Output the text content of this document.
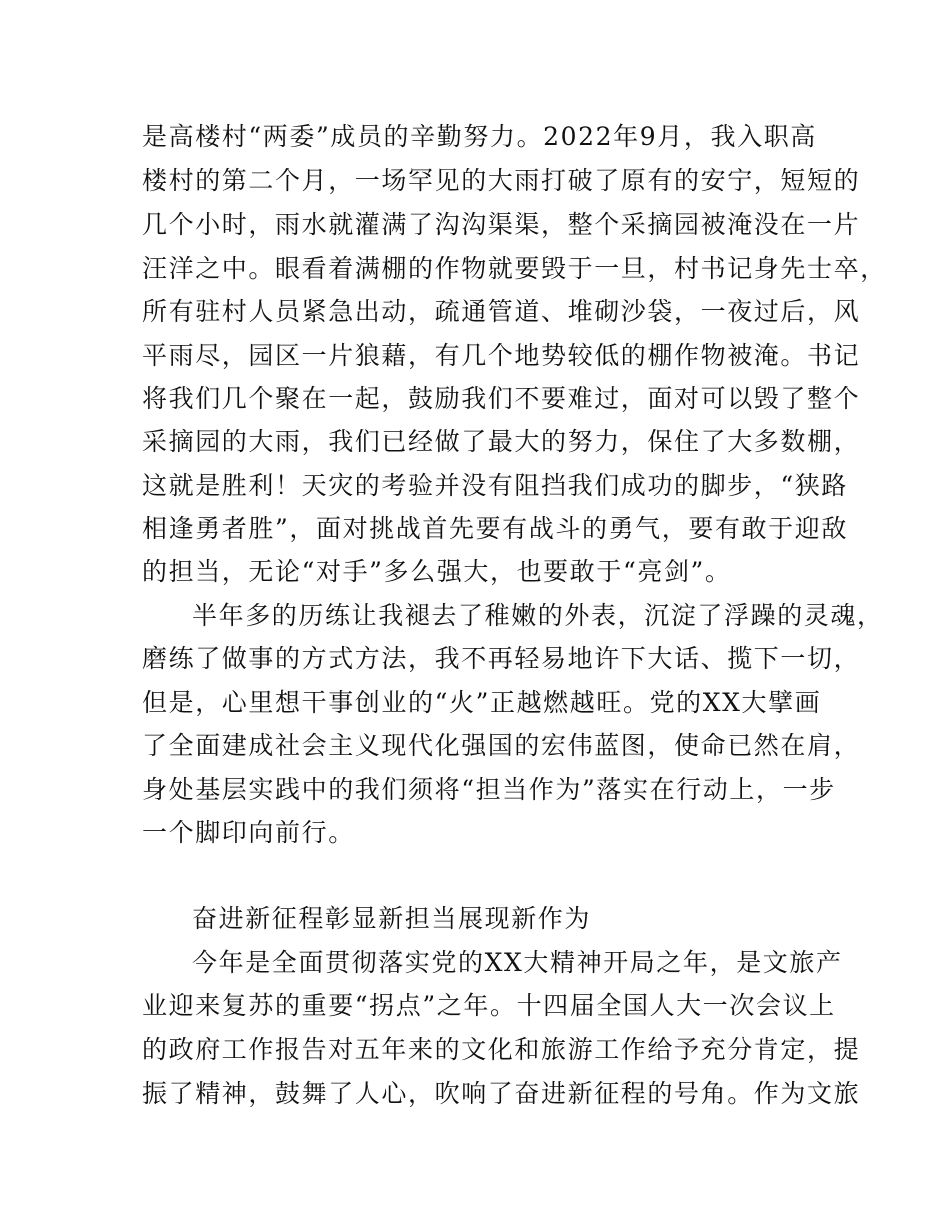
是高楼村“两委”成员的辛勤努力。2022年9月，我入职高
楼村的第二个月，一场罕见的大雨打破了原有的安宁，短短的
几个小时，雨水就灌满了沟沟渠渠，整个采摘园被淹没在一片
汪洋之中。眼看着满棚的作物就要毁于一旦，村书记身先士卒，
所有驻村人员紧急出动，疏通管道、堆砌沙袋，一夜过后，风
平雨尽，园区一片狼藉，有几个地势较低的棚作物被淹。书记
将我们几个聚在一起，鼓励我们不要难过，面对可以毁了整个
采摘园的大雨，我们已经做了最大的努力，保住了大多数棚，
这就是胜利！天灾的考验并没有阻挡我们成功的脚步，“狭路
相逢勇者胜”，面对挑战首先要有战斗的勇气，要有敢于迎敌
的担当，无论“对手”多么强大，也要敢于“亮剑”。
半年多的历练让我褪去了稚嫩的外表，沉淀了浮躁的灵魂，
磨练了做事的方式方法，我不再轻易地许下大话、揽下一切，
但是，心里想干事创业的“火”正越燃越旺。党的XX大擘画
了全面建成社会主义现代化强国的宏伟蓝图，使命已然在肩，
身处基层实践中的我们须将“担当作为”落实在行动上，一步
一个脚印向前行。
奋进新征程彰显新担当展现新作为
今年是全面贯彻落实党的XX大精神开局之年，是文旅产
业迎来复苏的重要“拐点”之年。十四届全国人大一次会议上
的政府工作报告对五年来的文化和旅游工作给予充分肯定，提
振了精神，鼓舞了人心，吹响了奋进新征程的号角。作为文旅
